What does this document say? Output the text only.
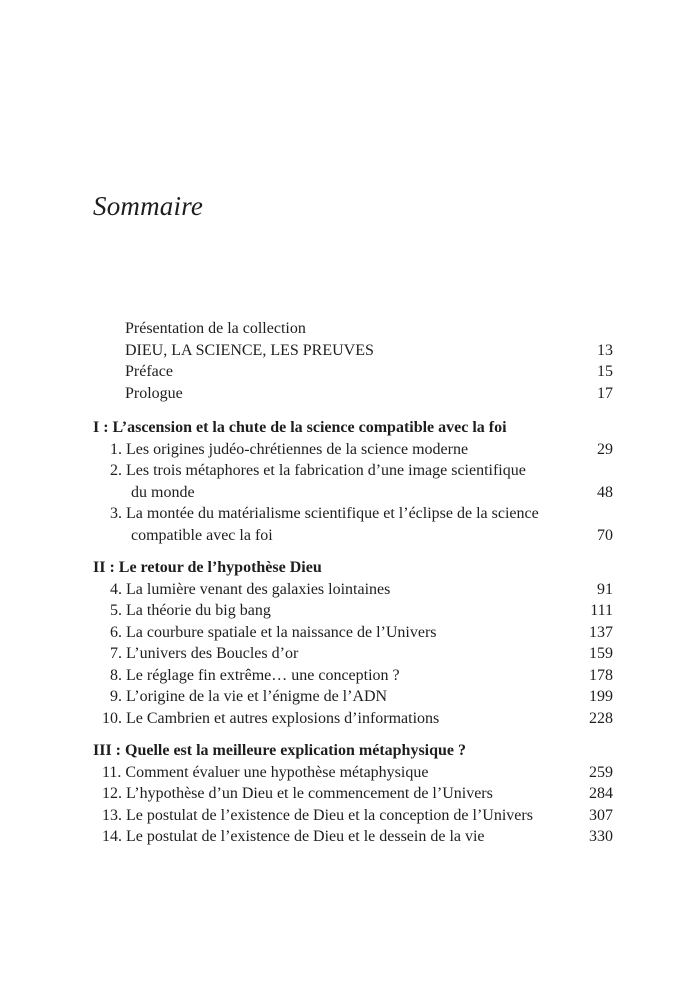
Sommaire
Présentation de la collection
DIEU, LA SCIENCE, LES PREUVES	13
Préface	15
Prologue	17
I : L’ascension et la chute de la science compatible avec la foi
1. Les origines judéo-chrétiennes de la science moderne	29
2. Les trois métaphores et la fabrication d’une image scientifique
du monde	48
3. La montée du matérialisme scientifique et l’éclipse de la science
compatible avec la foi	70
II : Le retour de l’hypothèse Dieu
4. La lumière venant des galaxies lointaines	91
5. La théorie du big bang	111
6. La courbure spatiale et la naissance de l’Univers	137
7. L’univers des Boucles d’or	159
8. Le réglage fin extrême… une conception ?	178
9. L’origine de la vie et l’énigme de l’ADN	199
10. Le Cambrien et autres explosions d’informations	228
III : Quelle est la meilleure explication métaphysique ?
11. Comment évaluer une hypothèse métaphysique	259
12. L’hypothèse d’un Dieu et le commencement de l’Univers	284
13. Le postulat de l’existence de Dieu et la conception de l’Univers	307
14. Le postulat de l’existence de Dieu et le dessein de la vie	330
